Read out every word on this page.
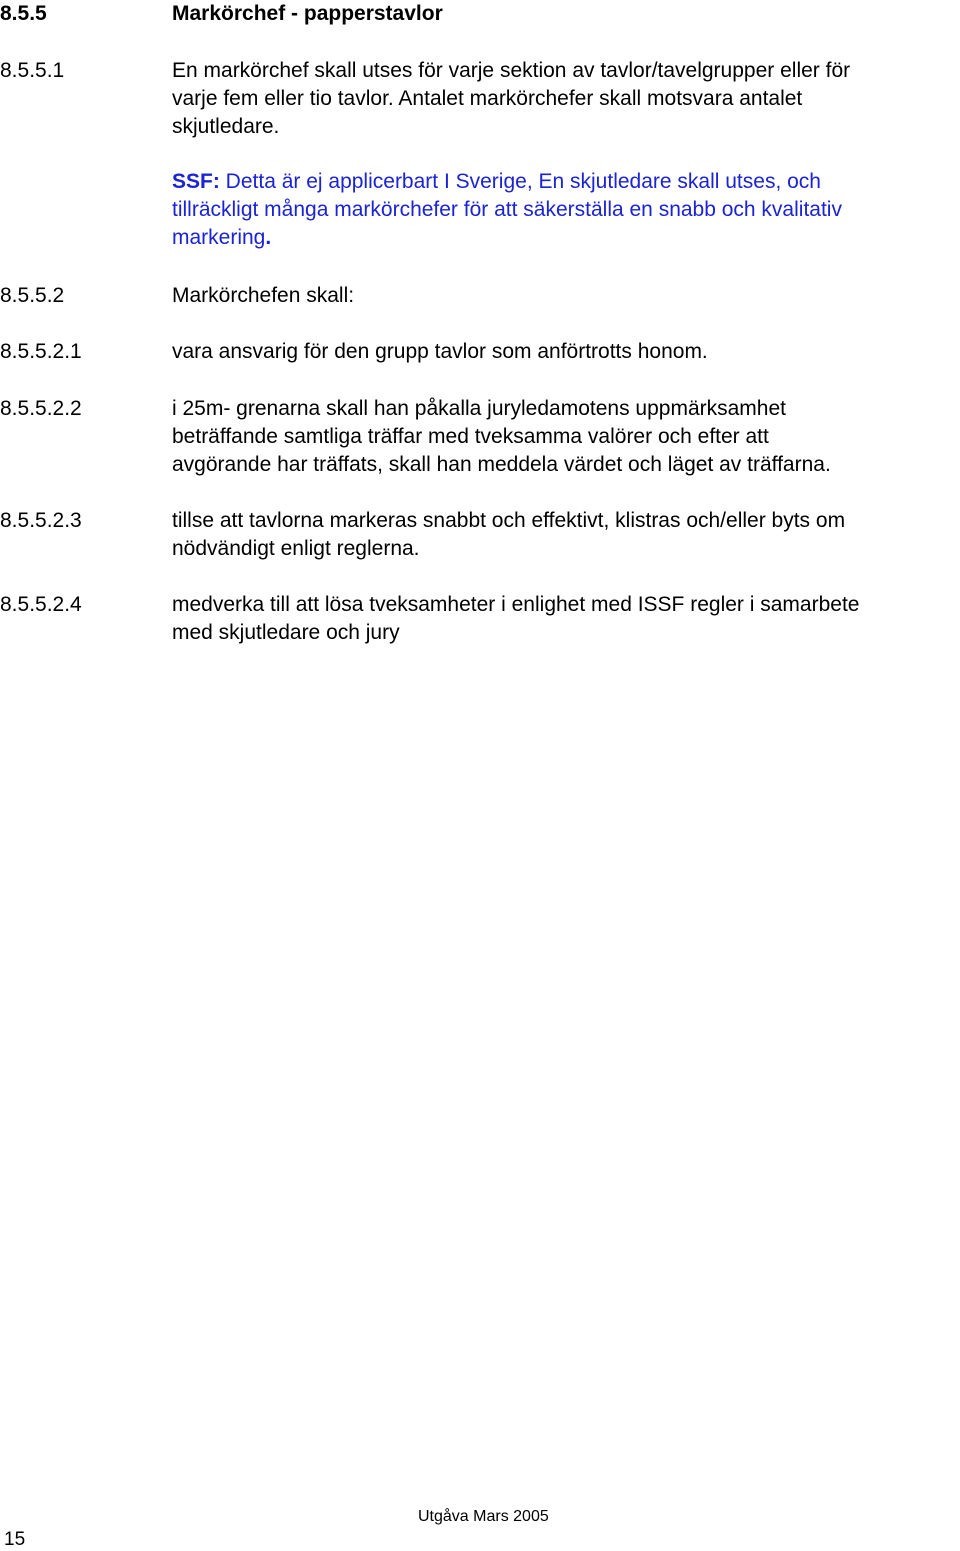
8.5.5	Markörchef - papperstavlor
8.5.5.1	En markörchef skall utses för varje sektion av tavlor/tavelgrupper eller för
varje fem eller tio tavlor. Antalet markörchefer skall motsvara antalet
skjutledare.
SSF: Detta är ej applicerbart I Sverige, En skjutledare skall utses, och
tillräckligt många markörchefer för att säkerställa en snabb och kvalitativ
markering.
8.5.5.2	Markörchefen skall:
8.5.5.2.1	vara ansvarig för den grupp tavlor som anförtrotts honom.
8.5.5.2.2	i 25m- grenarna skall han påkalla juryledamotens uppmärksamhet
beträffande samtliga träffar med tveksamma valörer och efter att
avgörande har träffats, skall han meddela värdet och läget av träffarna.
8.5.5.2.3	tillse att tavlorna markeras snabbt och effektivt, klistras och/eller byts om
nödvändigt enligt reglerna.
8.5.5.2.4	medverka till att lösa tveksamheter i enlighet med ISSF regler i samarbete
med skjutledare och jury
Utgåva Mars 2005
15
